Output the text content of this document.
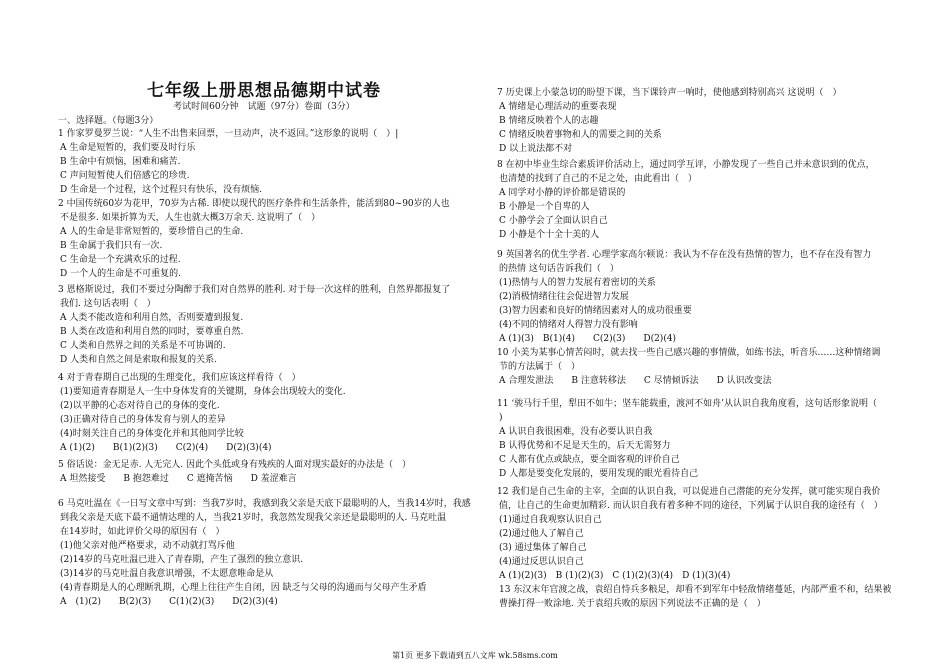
七年级上册思想品德期中试卷
考试时间60分钟　试题（97分）卷面（3分）
一、选择题。（每题3分）
1 作家罗曼罗兰说：“人生不出售来回票，一旦动声，决不返回。”这形象的说明（　）|
A 生命是短暂的，我们要及时行乐
B 生命中有烦恼，困难和痛苦.
C 声问短暂使人们倍感它的珍贵.
D 生命是一个过程，这个过程只有快乐，没有烦恼.
2 中国传统60岁为花甲，70岁为古稀. 即使以现代的医疗条件和生活条件，能活到80~90岁的人也
不是很多. 如果折算为天，人生也就大概3万余天. 这说明了（　）
A 人的生命是非常短暂的，要珍惜自己的生命.
B 生命属于我们只有一次.
C 生命是一个充满欢乐的过程.
D 一个人的生命是不可重复的.
3 恩格斯说过，我们不要过分陶醉于我们对自然界的胜利. 对于每一次这样的胜利，自然界都报复了
我们. 这句话表明（　）
A 人类不能改造和利用自然，否则要遭到报复.
B 人类在改造和利用自然的同时，要尊重自然.
C 人类和自然界之间的关系是不可协调的.
D 人类和自然之间是索取和报复的关系.
4 对于青春期自己出现的生理变化，我们应该这样看待（　）
(1)要知道青春期是人一生中身体发育的关键期，身体会出现较大的变化.
(2)以平静的心态对待自己的身体的变化.
(3)正确对待自己的身体发育与别人的差异
(4)时刻关注自己的身体变化并和其他同学比较
A (1)(2)　　B(1)(2)(3)　　C(2)(4)　　D(2)(3)(4)
5 俗话说：金无足赤. 人无完人. 因此个头低或身有残疾的人面对现实最好的办法是（　）
A 坦然接受　　B 抱怨难过　　C 遮掩苦恼　　D 羞涩难言
6 马克吐温在《一日写文章中写到：当我7岁时，我感到我父亲是天底下最聪明的人，当我14岁时，我感
到我父亲是天底下最不通情达理的人，当我21岁时，我忽然发现我父亲还是最聪明的人. 马克吐温
在14岁时，如此评价父母的原因有（　）
(1)他父亲对他严格要求，动不动就打骂斥他
(2)14岁的马克吐温已进入了青春期，产生了强烈的独立意识.
(3)14岁的马克吐温自我意识增强，不太愿意唯命是从
(4)青春期是人的心理断乳期，心理上往往产生自闭，因 缺乏与父母的沟通而与父母产生矛盾
A　(1)(2)　　B(2)(3)　　C(1)(2)(3)　　D(2)(3)(4)
7 历史课上小蒙急切的盼望下课，当下课铃声一响时，使他感到特别高兴 这说明（　）
A 情绪是心理活动的重要表现
B 情绪反映着个人的志趣
C 情绪反映着事物和人的需要之间的关系
D 以上说法都不对
8 在初中毕业生综合素质评价活动上，通过同学互评，小静发现了一些自己并未意识到的优点，
也清楚的找到了自己的不足之处，由此看出（　）
A 同学对小静的评价都是错误的
B 小静是一个自卑的人
C 小静学会了全面认识自己
D 小静是个十全十美的人
9 英国著名的优生学者. 心理学家高尔顿说：我认为不存在没有热情的智力，也不存在没有智力
的热情 这句话告诉我们（　）
(1)热情与人的智力发展有着密切的关系
(2)消极情绪往往会促进智力发展
(3)智力因素和良好的情绪因素对人的成功很重要
(4)不同的情绪对人得智力没有影响
A (1)(3)　B(1)(4)　　C(2)(3)　　D(2)(4)
10 小美为某事心情苦闷时，就去找一些自己感兴趣的事情做，如练书法，听音乐……这种情绪调
节的方法属于（　）
A 合理发泄法　　B 注意转移法　　C 尽情倾诉法　　D 认识改变法
11 ‘骏马行千里，犁田不如牛；坚车能载重，渡河不如舟’从认识自我角度看，这句话形象说明（
)
A 认识自我很困难，没有必要认识自我
B 认得优势和不足是天生的，后天无需努力
C 人都有优点或缺点，要全面客观的评价自己
D 人都是要变化发展的，要用发现的眼光看待自己
12 我们是自己生命的主宰，全面的认识自我，可以促进自己潜能的充分发挥，就可能实现自我价
值，让自己的生命更加精彩. 而认识自我有着多种不同的途径，下列属于认识自我的途径有（　）
(1)通过自我观察认识自己
(2)通过他人了解自己
(3) 通过集体了解自己
(4)通过反思认识自己
A (1)(2)(3)　B (1)(2)(3)　C (1)(2)(3)(4)　D (1)(3)(4)
13 东汉末年官渡之战，袁绍自恃兵多粮足，却看不到军年中轻敌情绪蔓延，内部严重不和，结果被
曹操打得一败涂地. 关于袁绍兵败的原因下列说法不正确的是（　）
第1页 更多下载请到五八文库 wk.58sms.com
